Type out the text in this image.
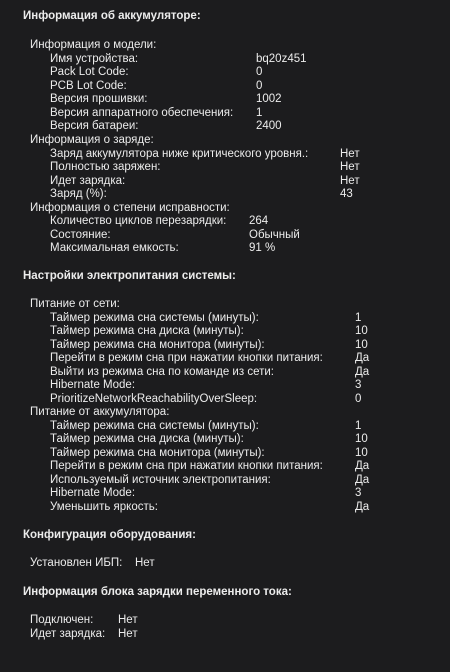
Информация об аккумуляторе:
Информация о модели:
Имя устройства:	bq20z451
Pack Lot Code:	0
PCB Lot Code:	0
Версия прошивки:	1002
Версия аппаратного обеспечения: 1
Версия батареи:	2400
Информация о заряде:
Заряд аккумулятора ниже критического уровня.:	Нет
Полностью заряжен:	Нет
Идет зарядка:	Нет
Заряд (%):	43
Информация о степени исправности:
Количество циклов перезарядки: 264
Состояние:	Обычный
Максимальная емкость:	91 %
Настройки электропитания системы:
Питание от сети:
Таймер режима сна системы (минуты):	1
Таймер режима сна диска (минуты):	10
Таймер режима сна монитора (минуты):	10
Перейти в режим сна при нажатии кнопки питания:	Да
Выйти из режима сна по команде из сети:	Да
Hibernate Mode:	3
PrioritizeNetworkReachabilityOverSleep:	0
Питание от аккумулятора:
Таймер режима сна системы (минуты):	1
Таймер режима сна диска (минуты):	10
Таймер режима сна монитора (минуты):	10
Перейти в режим сна при нажатии кнопки питания:	Да
Используемый источник электропитания:	Да
Hibernate Mode:	3
Уменьшить яркость:	Да
Конфигурация оборудования:
Установлен ИБП: Нет
Информация блока зарядки переменного тока:
Подключен: Нет
Идет зарядка: Нет
